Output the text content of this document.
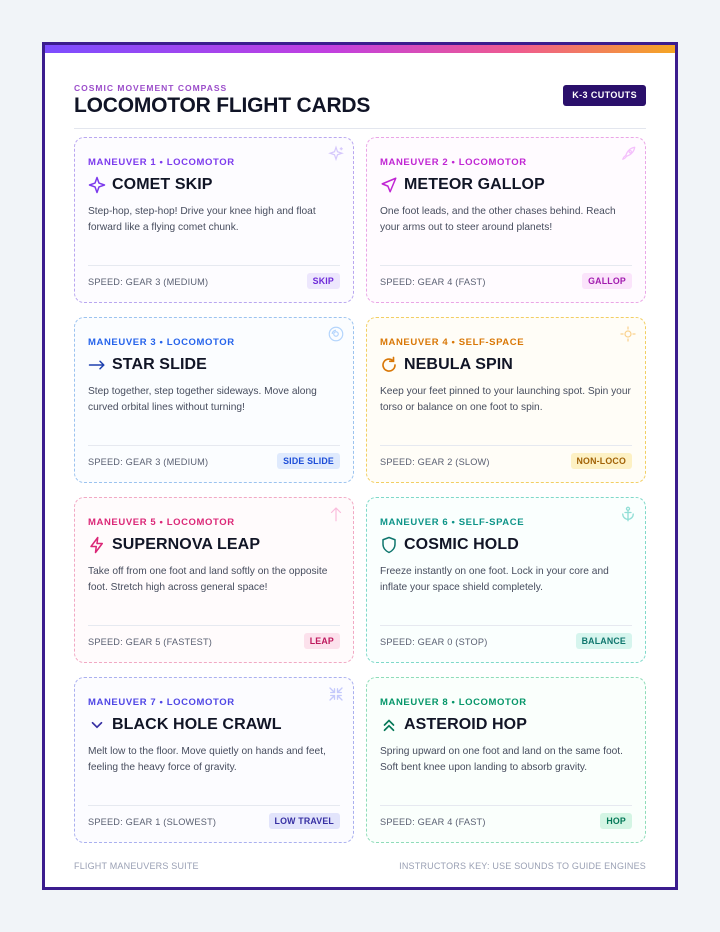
COSMIC MOVEMENT COMPASS
LOCOMOTOR FLIGHT CARDS	K-3 CUTOUTS
MANEUVER 1 • LOCOMOTOR
COMET SKIP
Step-hop, step-hop! Drive your knee high and float forward like a flying comet chunk.
SPEED: GEAR 3 (MEDIUM)	SKIP
MANEUVER 2 • LOCOMOTOR
METEOR GALLOP
One foot leads, and the other chases behind. Reach your arms out to steer around planets!
SPEED: GEAR 4 (FAST)	GALLOP
MANEUVER 3 • LOCOMOTOR
STAR SLIDE
Step together, step together sideways. Move along curved orbital lines without turning!
SPEED: GEAR 3 (MEDIUM)	SIDE SLIDE
MANEUVER 4 • SELF-SPACE
NEBULA SPIN
Keep your feet pinned to your launching spot. Spin your torso or balance on one foot to spin.
SPEED: GEAR 2 (SLOW)	NON-LOCO
MANEUVER 5 • LOCOMOTOR
SUPERNOVA LEAP
Take off from one foot and land softly on the opposite foot. Stretch high across general space!
SPEED: GEAR 5 (FASTEST)	LEAP
MANEUVER 6 • SELF-SPACE
COSMIC HOLD
Freeze instantly on one foot. Lock in your core and inflate your space shield completely.
SPEED: GEAR 0 (STOP)	BALANCE
MANEUVER 7 • LOCOMOTOR
BLACK HOLE CRAWL
Melt low to the floor. Move quietly on hands and feet, feeling the heavy force of gravity.
SPEED: GEAR 1 (SLOWEST)	LOW TRAVEL
MANEUVER 8 • LOCOMOTOR
ASTEROID HOP
Spring upward on one foot and land on the same foot. Soft bent knee upon landing to absorb gravity.
SPEED: GEAR 4 (FAST)	HOP
FLIGHT MANEUVERS SUITE	INSTRUCTORS KEY: USE SOUNDS TO GUIDE ENGINES
